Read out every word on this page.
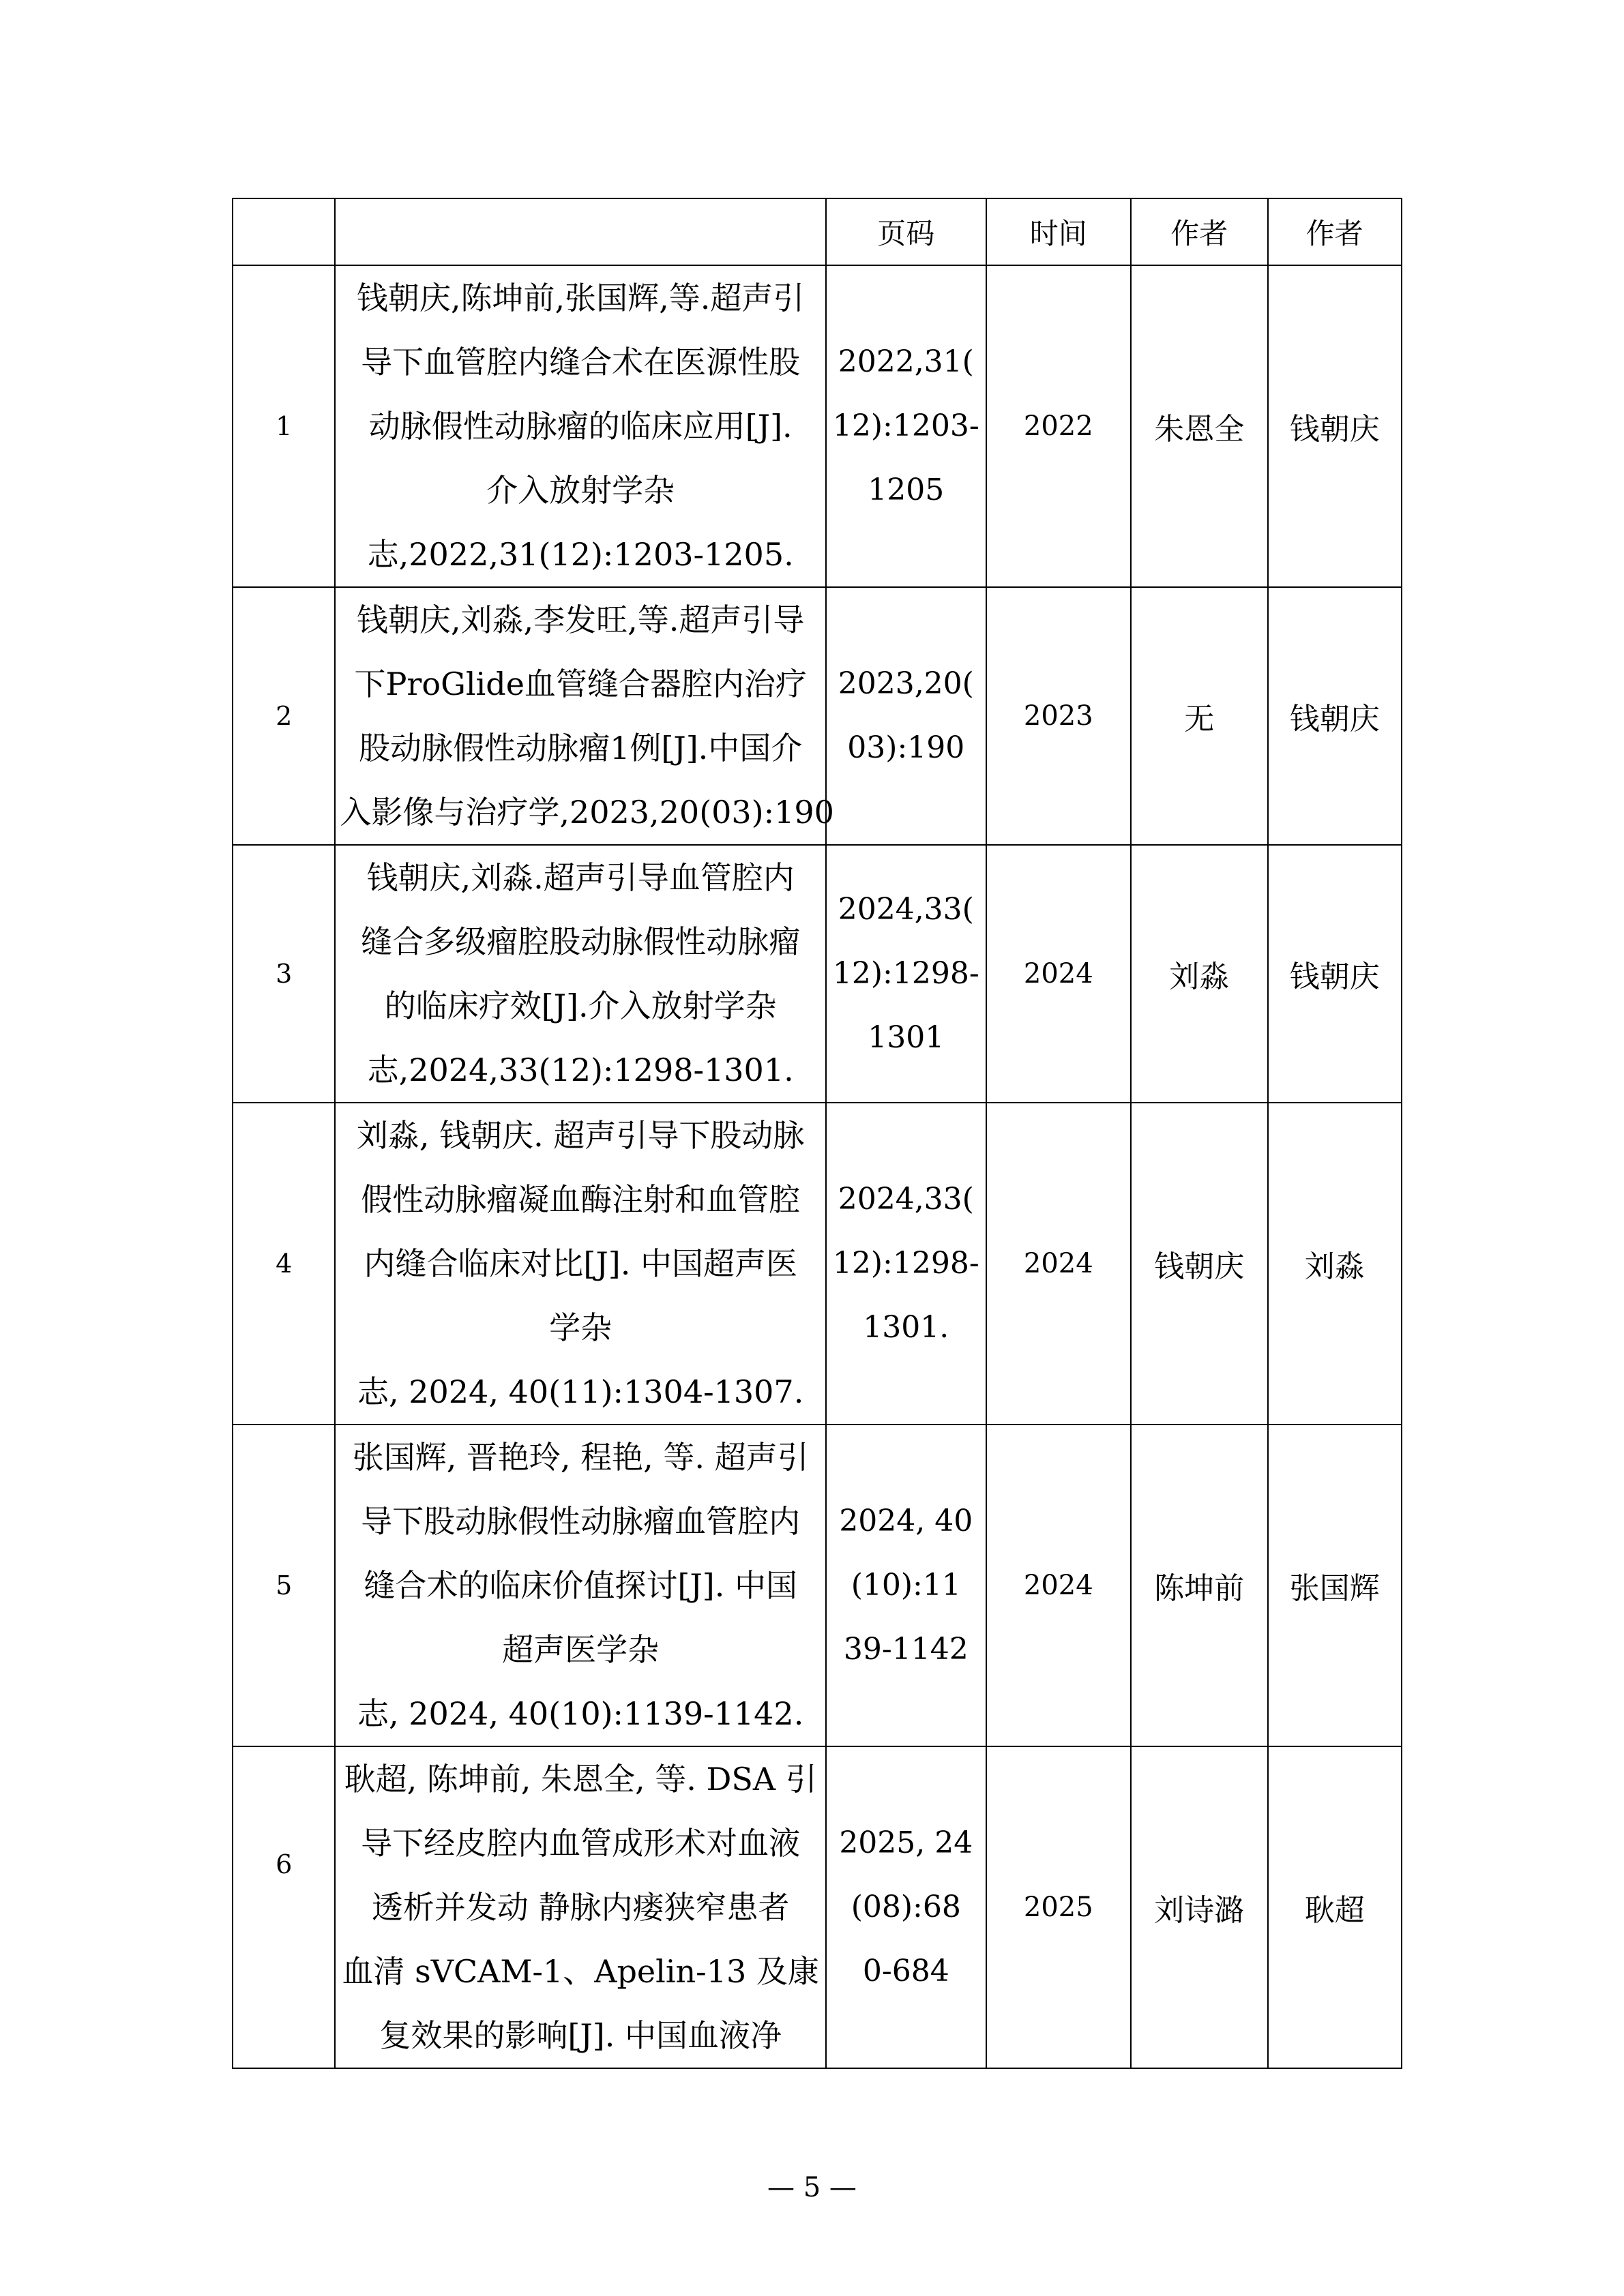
		页码	时间	作者	作者
1	钱朝庆,陈坤前,张国辉,等.超声引
导下血管腔内缝合术在医源性股
动脉假性动脉瘤的临床应用[J].
介入放射学杂
志,2022,31(12):1203-1205.	2022,31(
12):1203-
1205	2022	朱恩全	钱朝庆
2	钱朝庆,刘淼,李发旺,等.超声引导
下ProGlide血管缝合器腔内治疗
股动脉假性动脉瘤1例[J].中国介
入影像与治疗学,2023,20(03):190	2023,20(
03):190	2023	无	钱朝庆
3	钱朝庆,刘淼.超声引导血管腔内
缝合多级瘤腔股动脉假性动脉瘤
的临床疗效[J].介入放射学杂
志,2024,33(12):1298-1301.	2024,33(
12):1298-
1301	2024	刘淼	钱朝庆
4	刘淼, 钱朝庆. 超声引导下股动脉
假性动脉瘤凝血酶注射和血管腔
内缝合临床对比[J]. 中国超声医
学杂
志, 2024, 40(11):1304-1307.	2024,33(
12):1298-
1301.	2024	钱朝庆	刘淼
5	张国辉, 晋艳玲, 程艳, 等. 超声引
导下股动脉假性动脉瘤血管腔内
缝合术的临床价值探讨[J]. 中国
超声医学杂
志, 2024, 40(10):1139-1142.	2024, 40
(10):11
39-1142	2024	陈坤前	张国辉
6	耿超, 陈坤前, 朱恩全, 等. DSA 引
导下经皮腔内血管成形术对血液
透析并发动 静脉内瘘狭窄患者
血清 sVCAM-1、Apelin-13 及康
复效果的影响[J]. 中国血液净	2025, 24
(08):68
0-684	2025	刘诗潞	耿超
— 5 —
